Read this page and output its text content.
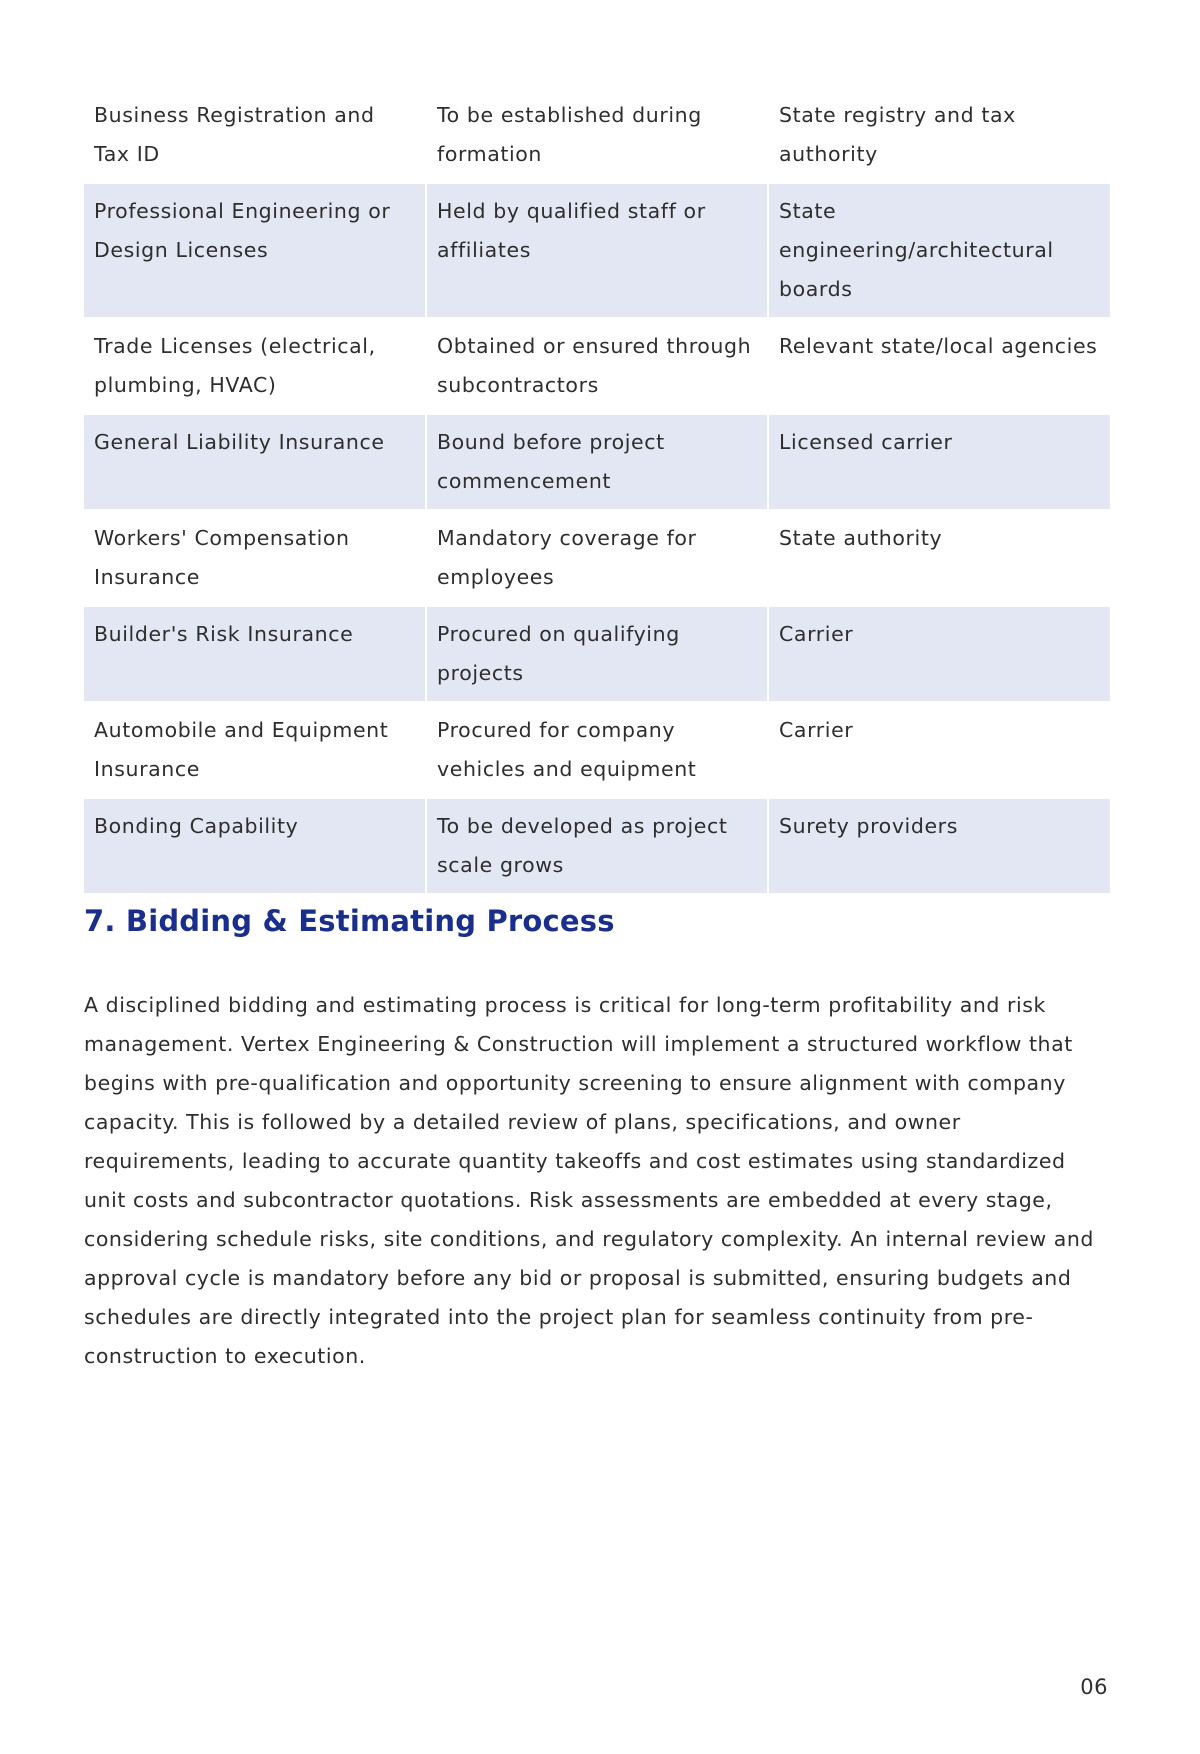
Business Registration and Tax ID	To be established during formation	State registry and tax authority
Professional Engineering or Design Licenses	Held by qualified staff or affiliates	State engineering/architectural boards
Trade Licenses (electrical, plumbing, HVAC)	Obtained or ensured through subcontractors	Relevant state/local agencies
General Liability Insurance	Bound before project commencement	Licensed carrier
Workers' Compensation Insurance	Mandatory coverage for employees	State authority
Builder's Risk Insurance	Procured on qualifying projects	Carrier
Automobile and Equipment Insurance	Procured for company vehicles and equipment	Carrier
Bonding Capability	To be developed as project scale grows	Surety providers
7. Bidding & Estimating Process

A disciplined bidding and estimating process is critical for long-term profitability and risk management. Vertex Engineering & Construction will implement a structured workflow that begins with pre-qualification and opportunity screening to ensure alignment with company capacity. This is followed by a detailed review of plans, specifications, and owner requirements, leading to accurate quantity takeoffs and cost estimates using standardized unit costs and subcontractor quotations. Risk assessments are embedded at every stage, considering schedule risks, site conditions, and regulatory complexity. An internal review and approval cycle is mandatory before any bid or proposal is submitted, ensuring budgets and schedules are directly integrated into the project plan for seamless continuity from pre-construction to execution.

06
